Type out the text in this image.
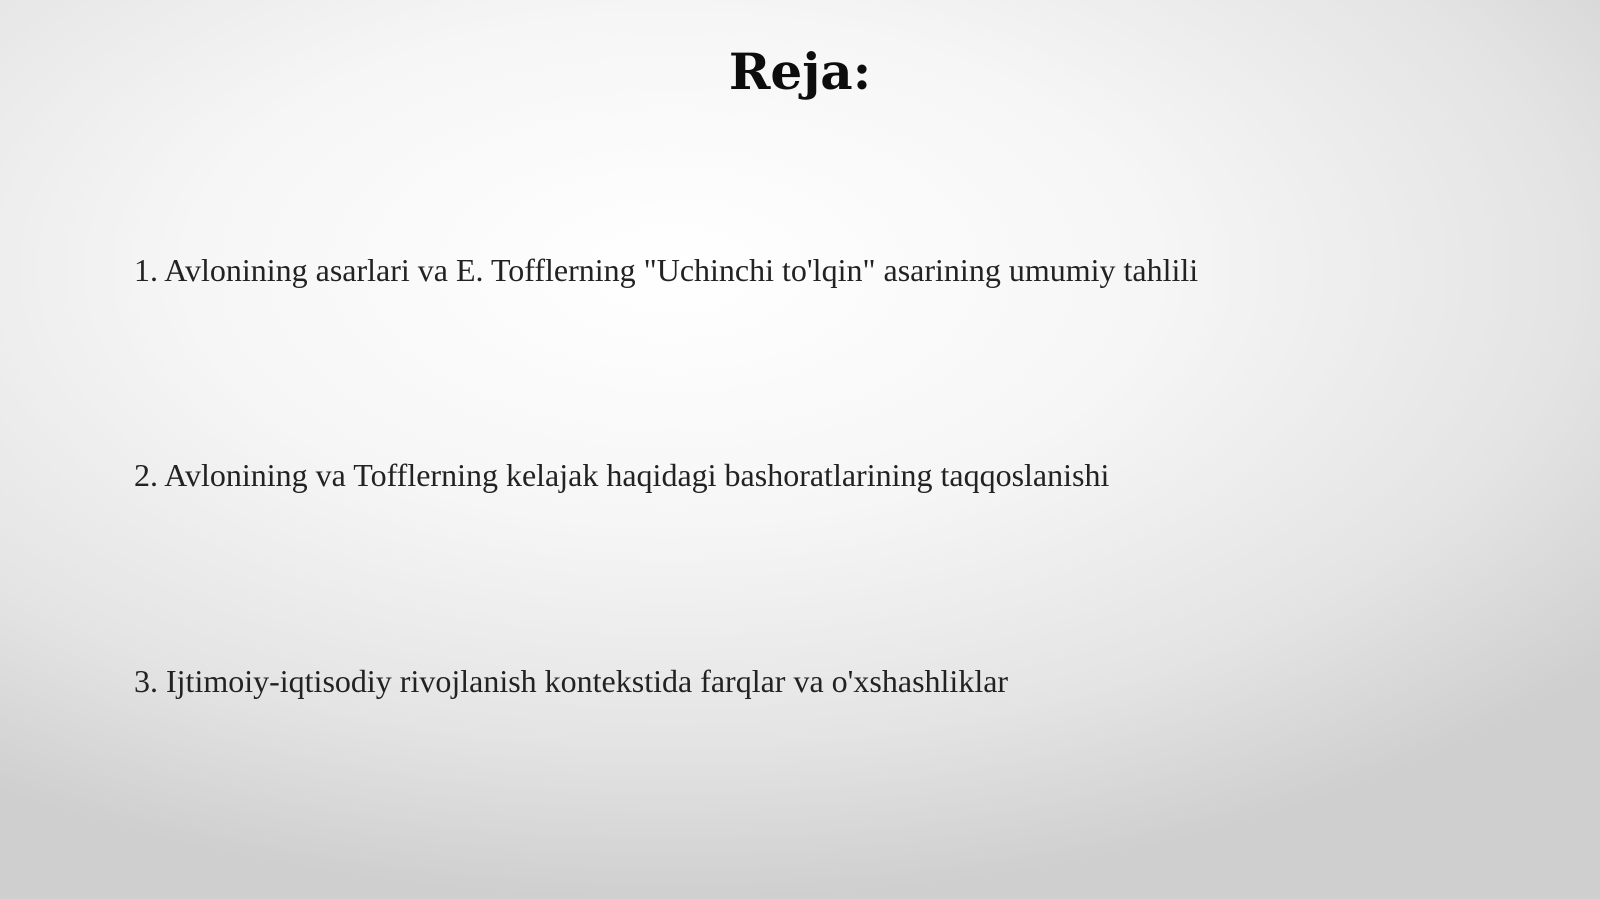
Reja:
1. Avlonining asarlari va E. Tofflerning "Uchinchi to'lqin" asarining umumiy tahlili
2. Avlonining va Tofflerning kelajak haqidagi bashoratlarining taqqoslanishi
3. Ijtimoiy-iqtisodiy rivojlanish kontekstida farqlar va o'xshashliklar
